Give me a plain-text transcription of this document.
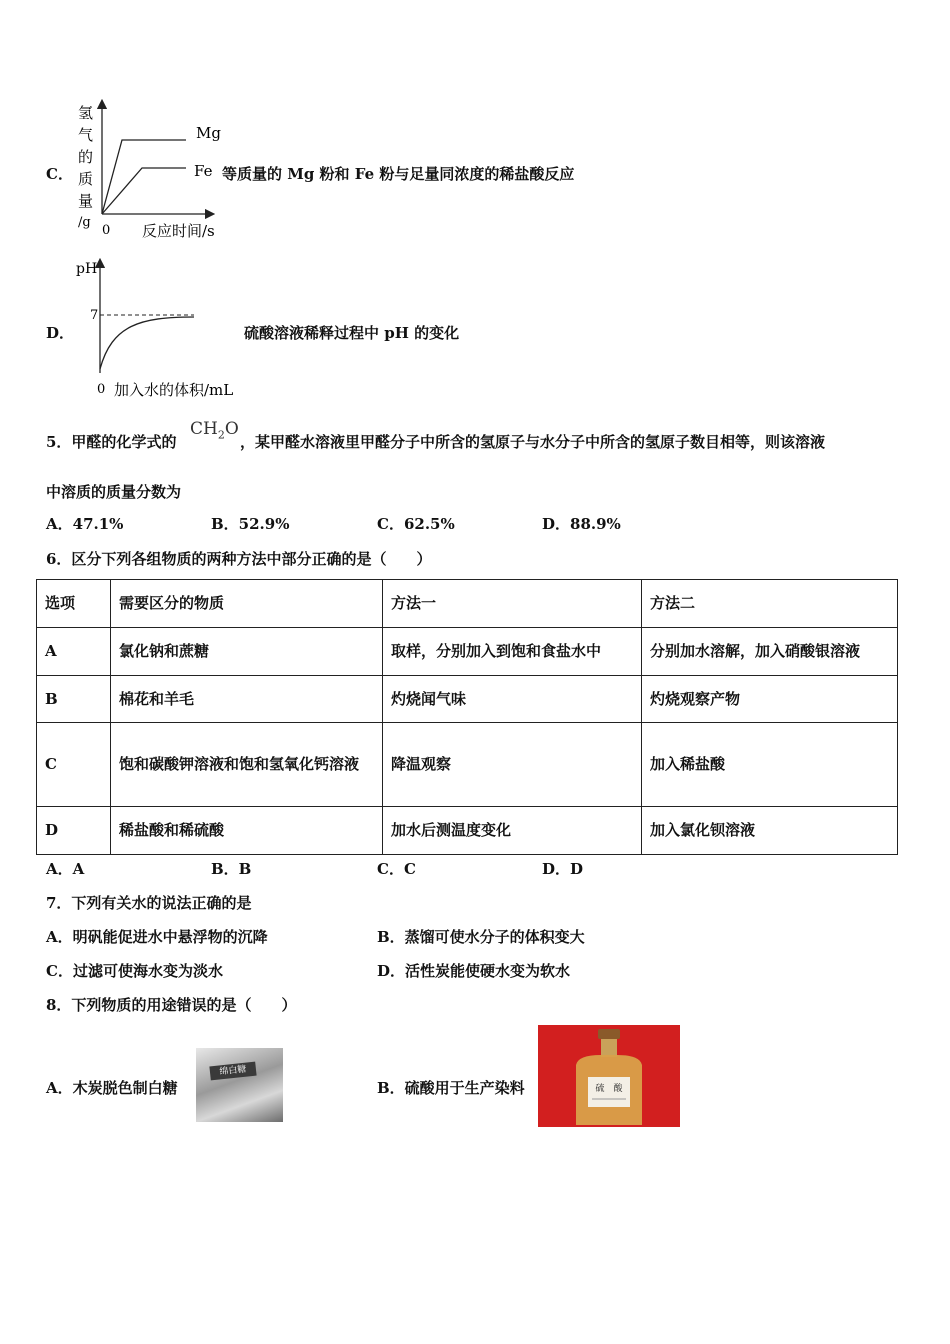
C．
氢
气
的
质
量
/g
0 反应时间/s
Mg
Fe 等质量的 Mg 粉和 Fe 粉与足量同浓度的稀盐酸反应
D．
pH
7
0 加入水的体积/mL
硫酸溶液稀释过程中 pH 的变化
5．甲醛的化学式的
$CH_2O$
，某甲醛水溶液里甲醛分子中所含的氢原子与水分子中所含的氢原子数目相等，则该溶液
中溶质的质量分数为
A．47.1%	B．52.9%	C．62.5%	D．88.9%
6．区分下列各组物质的两种方法中部分正确的是（　　）
选项	需要区分的物质	方法一	方法二
A	氯化钠和蔗糖	取样，分别加入到饱和食盐水中	分别加水溶解，加入硝酸银溶液
B	棉花和羊毛	灼烧闻气味	灼烧观察产物
C	饱和碳酸钾溶液和饱和氢氧化钙溶液	降温观察	加入稀盐酸
D	稀盐酸和稀硫酸	加水后测温度变化	加入氯化钡溶液
A．A	B．B	C．C	D．D
7．下列有关水的说法正确的是
A．明矾能促进水中悬浮物的沉降	B．蒸馏可使水分子的体积变大
C．过滤可使海水变为淡水	D．活性炭能使硬水变为软水
8．下列物质的用途错误的是（　　）
A．木炭脱色制白糖
绵白糖
B．硫酸用于生产染料	硫　酸
